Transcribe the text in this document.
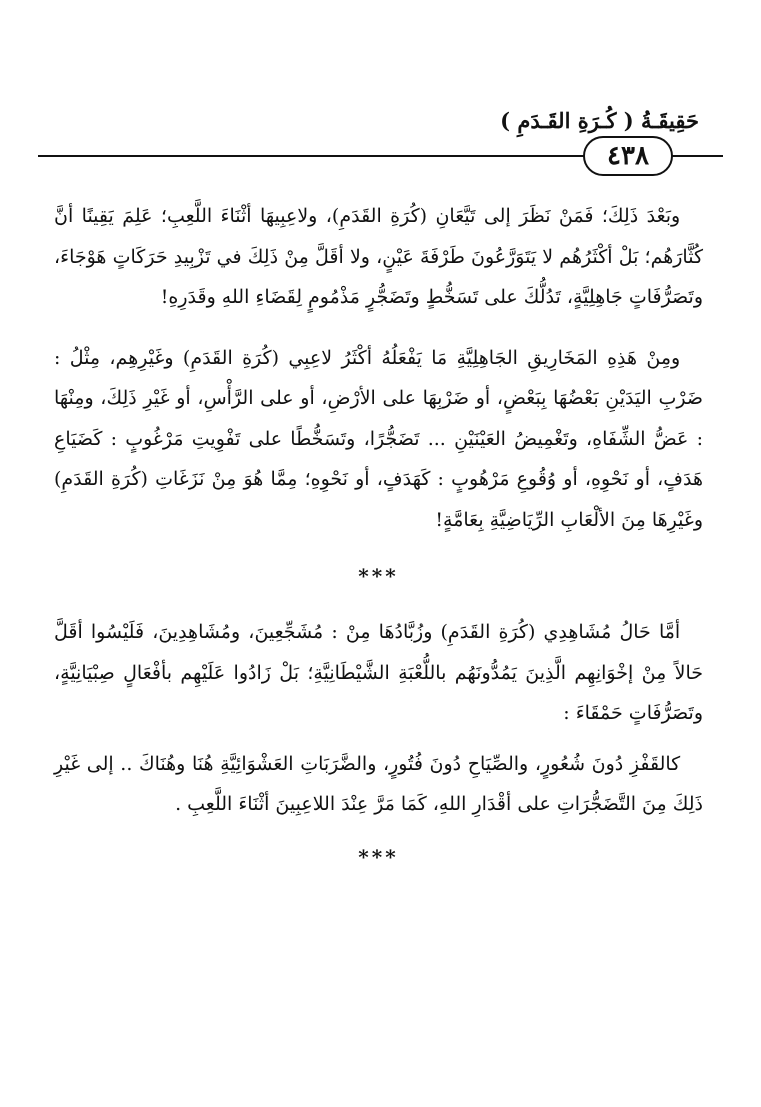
حَقِيقَـةُ ( كُـرَةِ القَـدَمِ )
٤٣٨

وبَعْدَ ذَلِكَ؛ فَمَنْ نَظَرَ إلى تَيَّعَانِ (كُرَةِ القَدَمِ)، ولاعِبِيهَا أثْنَاءَ اللَّعِبِ؛ عَلِمَ يَقِينًا أنَّ كُثَّارَهُم؛ بَلْ أكْثَرُهُم لا يَتَوَرَّعُونَ طَرْفَةَ عَيْنٍ، ولا أقَلَّ مِنْ ذَلِكَ في تَزْبِيدِ حَرَكَاتٍ هَوْجَاءَ، وتَصَرُّفَاتٍ جَاهِلِيَّةٍ، تَدُلُّكَ على تَسَخُّطٍ وتَضَجُّرٍ مَذْمُومٍ لِقَضَاءِ اللهِ وقَدَرِهِ!

ومِنْ هَذِهِ المَخَارِيقِ الجَاهِلِيَّةِ مَا يَفْعَلُهُ أكْثَرُ لاعِبِي (كُرَةِ القَدَمِ) وغَيْرِهِم، مِثْلُ : ضَرْبِ اليَدَيْنِ بَعْضُهَا بِبَعْضٍ، أو ضَرْبِهَا على الأرْضِ، أو على الرَّأْسِ، أو غَيْرِ ذَلِكَ، ومِنْهَا : عَضُّ الشِّفَاهِ، وتَغْمِيضُ العَيْنَيْنِ ... تَضَجُّرًا، وتَسَخُّطًا على تَفْوِيتِ مَرْغُوبٍ : كَضَيَاعِ هَدَفٍ، أو نَحْوِهِ، أو وُقُوعِ مَرْهُوبٍ : كَهَدَفٍ، أو نَحْوِهِ؛ مِمَّا هُوَ مِنْ نَزَغَاتِ (كُرَةِ القَدَمِ) وغَيْرِهَا مِنَ الألْعَابِ الرِّيَاضِيَّةِ بِعَامَّةٍ!

***

أمَّا حَالُ مُشَاهِدِي (كُرَةِ القَدَمِ) وزُبَّادُهَا مِنْ : مُشَجِّعِينَ، ومُشَاهِدِينَ، فَلَيْسُوا أقَلَّ حَالاً مِنْ إخْوَانِهِم الَّذِينَ يَمُدُّونَهُم باللُّعْبَةِ الشَّيْطَانِيَّةِ؛ بَلْ زَادُوا عَلَيْهِم بأفْعَالٍ صِبْيَانِيَّةٍ، وتَصَرُّفَاتٍ حَمْقَاءَ :

كالقَفْزِ دُونَ شُعُورٍ، والصِّيَاحِ دُونَ فُتُورٍ، والضَّرَبَاتِ العَشْوَائِيَّةِ هُنَا وهُنَاكَ .. إلى غَيْرِ ذَلِكَ مِنَ التَّضَجُّرَاتِ على أقْدَارِ اللهِ، كَمَا مَرَّ عِنْدَ اللاعِبِينَ أثْنَاءَ اللَّعِبِ .

***
